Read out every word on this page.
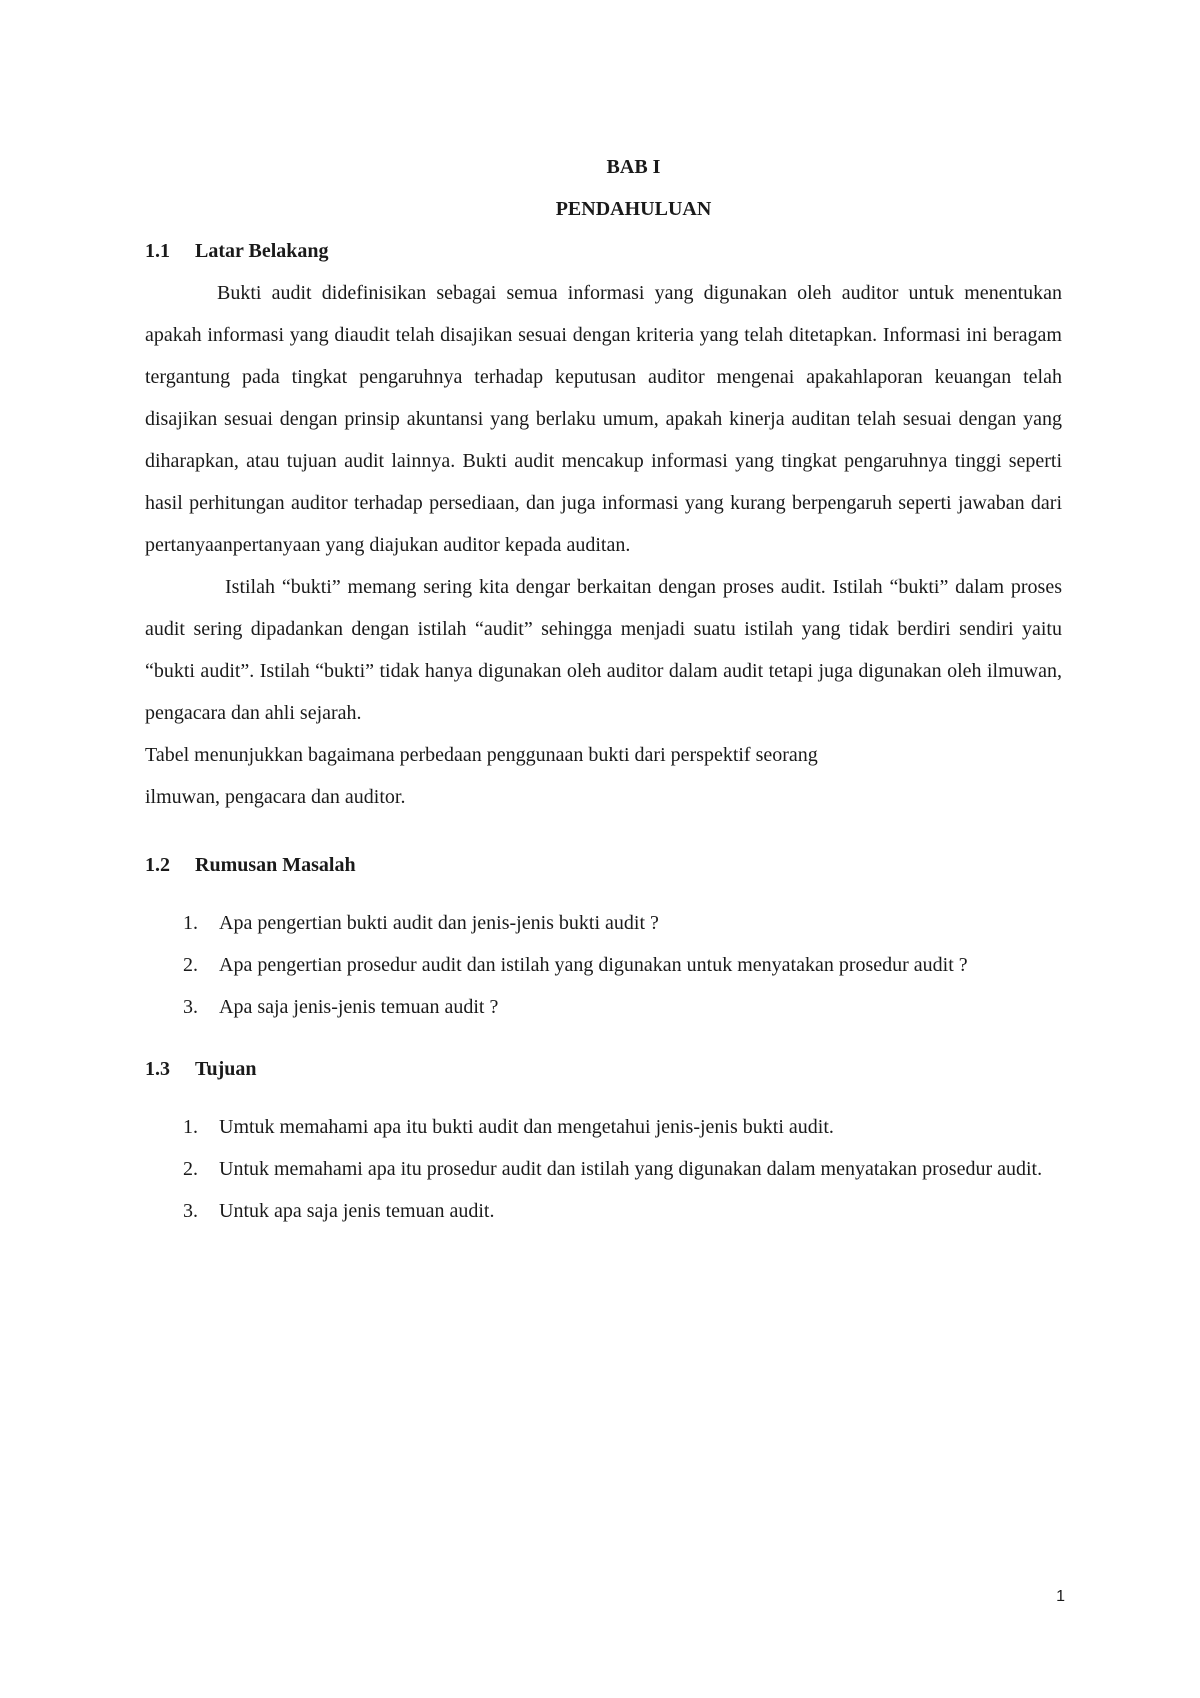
BAB I

PENDAHULUAN

1.1	Latar Belakang

Bukti audit didefinisikan sebagai semua informasi yang digunakan oleh auditor untuk menentukan apakah informasi yang diaudit telah disajikan sesuai dengan kriteria yang telah ditetapkan. Informasi ini beragam tergantung pada tingkat pengaruhnya terhadap keputusan auditor mengenai apakahlaporan keuangan telah disajikan sesuai dengan prinsip akuntansi yang berlaku umum, apakah kinerja auditan telah sesuai dengan yang diharapkan, atau tujuan audit lainnya. Bukti audit mencakup informasi yang tingkat pengaruhnya tinggi seperti hasil perhitungan auditor terhadap persediaan, dan juga informasi yang kurang berpengaruh seperti jawaban dari pertanyaanpertanyaan yang diajukan auditor kepada auditan.

Istilah “bukti” memang sering kita dengar berkaitan dengan proses audit. Istilah “bukti” dalam proses audit sering dipadankan dengan istilah “audit” sehingga menjadi suatu istilah yang tidak berdiri sendiri yaitu “bukti audit”. Istilah “bukti” tidak hanya digunakan oleh auditor dalam audit tetapi juga digunakan oleh ilmuwan, pengacara dan ahli sejarah.

Tabel menunjukkan bagaimana perbedaan penggunaan bukti dari perspektif seorang

ilmuwan, pengacara dan auditor.

1.2	Rumusan Masalah
1.	Apa pengertian bukti audit dan jenis-jenis bukti audit ?
2.	Apa pengertian prosedur audit dan istilah yang digunakan untuk menyatakan prosedur audit ?
3.	Apa saja jenis-jenis temuan audit ?
1.3	Tujuan
1.	Umtuk memahami apa itu bukti audit dan mengetahui jenis-jenis bukti audit.
2.	Untuk memahami apa itu prosedur audit dan istilah yang digunakan dalam menyatakan prosedur audit.
3.	Untuk apa saja jenis temuan audit.
1
